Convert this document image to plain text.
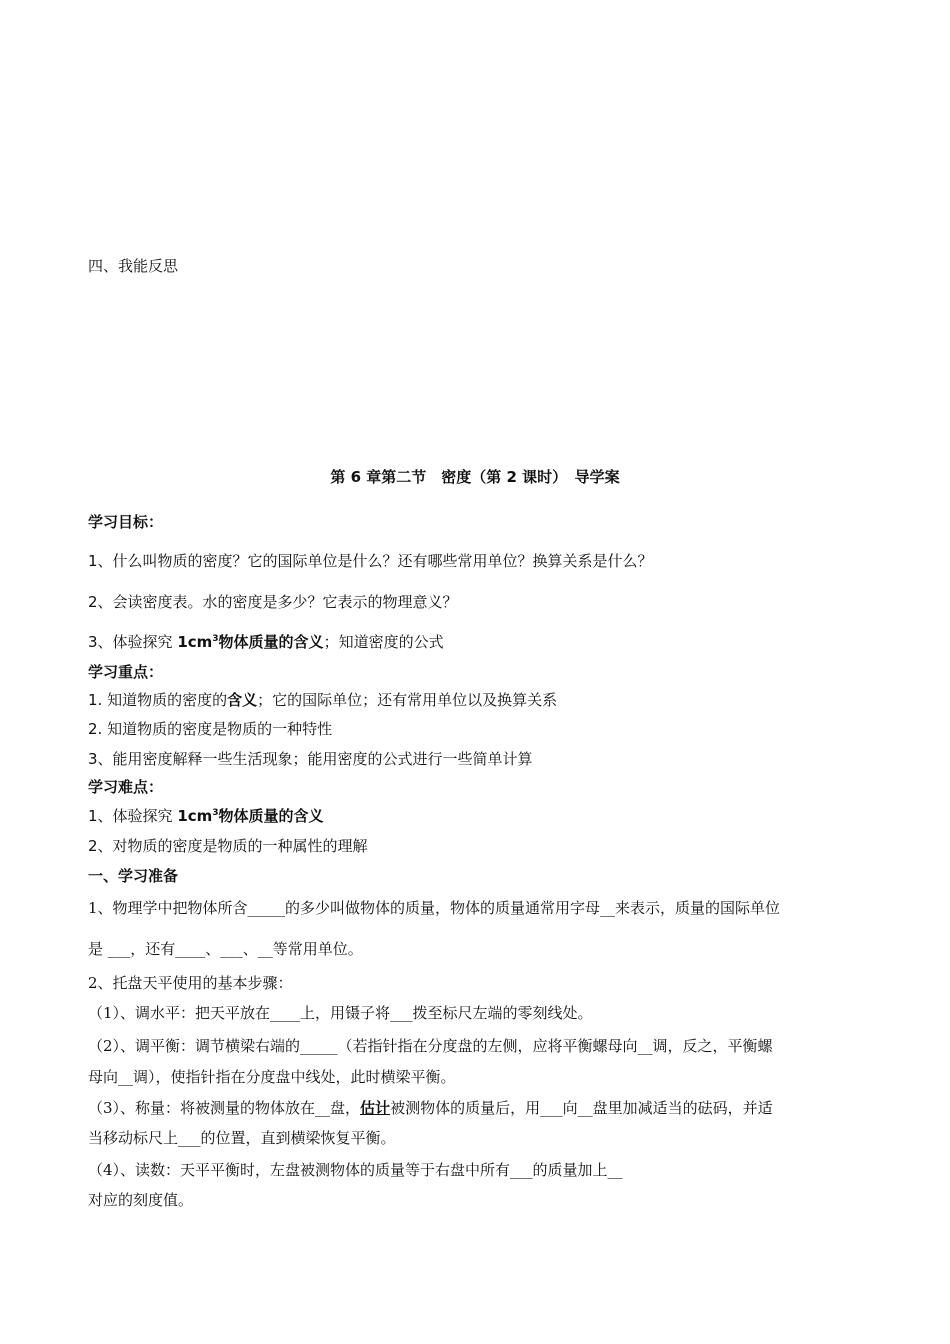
四、我能反思
第 6 章第二节　密度（第 2 课时）　导学案
学习目标：
1、什么叫物质的密度？它的国际单位是什么？还有哪些常用单位？换算关系是什么？
2、会读密度表。水的密度是多少？它表示的物理意义？
3、体验探究 $1cm^3$物体质量的含义；知道密度的公式
学习重点：
1. 知道物质的密度的含义；它的国际单位；还有常用单位以及换算关系
2. 知道物质的密度是物质的一种特性
3、能用密度解释一些生活现象；能用密度的公式进行一些简单计算
学习难点：
1、体验探究 $1cm^3$物体质量的含义
2、对物质的密度是物质的一种属性的理解
一、学习准备
1、物理学中把物体所含_____的多少叫做物体的质量，物体的质量通常用字母__来表示，质量的国际单位
是 ___，还有____、___、__等常用单位。
2、托盘天平使用的基本步骤：
（1）、调水平：把天平放在____上，用镊子将___拨至标尺左端的零刻线处。
（2）、调平衡：调节横梁右端的_____（若指针指在分度盘的左侧，应将平衡螺母向__调，反之，平衡螺
母向__调），使指针指在分度盘中线处，此时横梁平衡。
（3）、称量：将被测量的物体放在__盘，估计被测物体的质量后，用___向__盘里加减适当的砝码，并适
当移动标尺上___的位置，直到横梁恢复平衡。
（4）、读数：天平平衡时，左盘被测物体的质量等于右盘中所有___的质量加上__
对应的刻度值。
